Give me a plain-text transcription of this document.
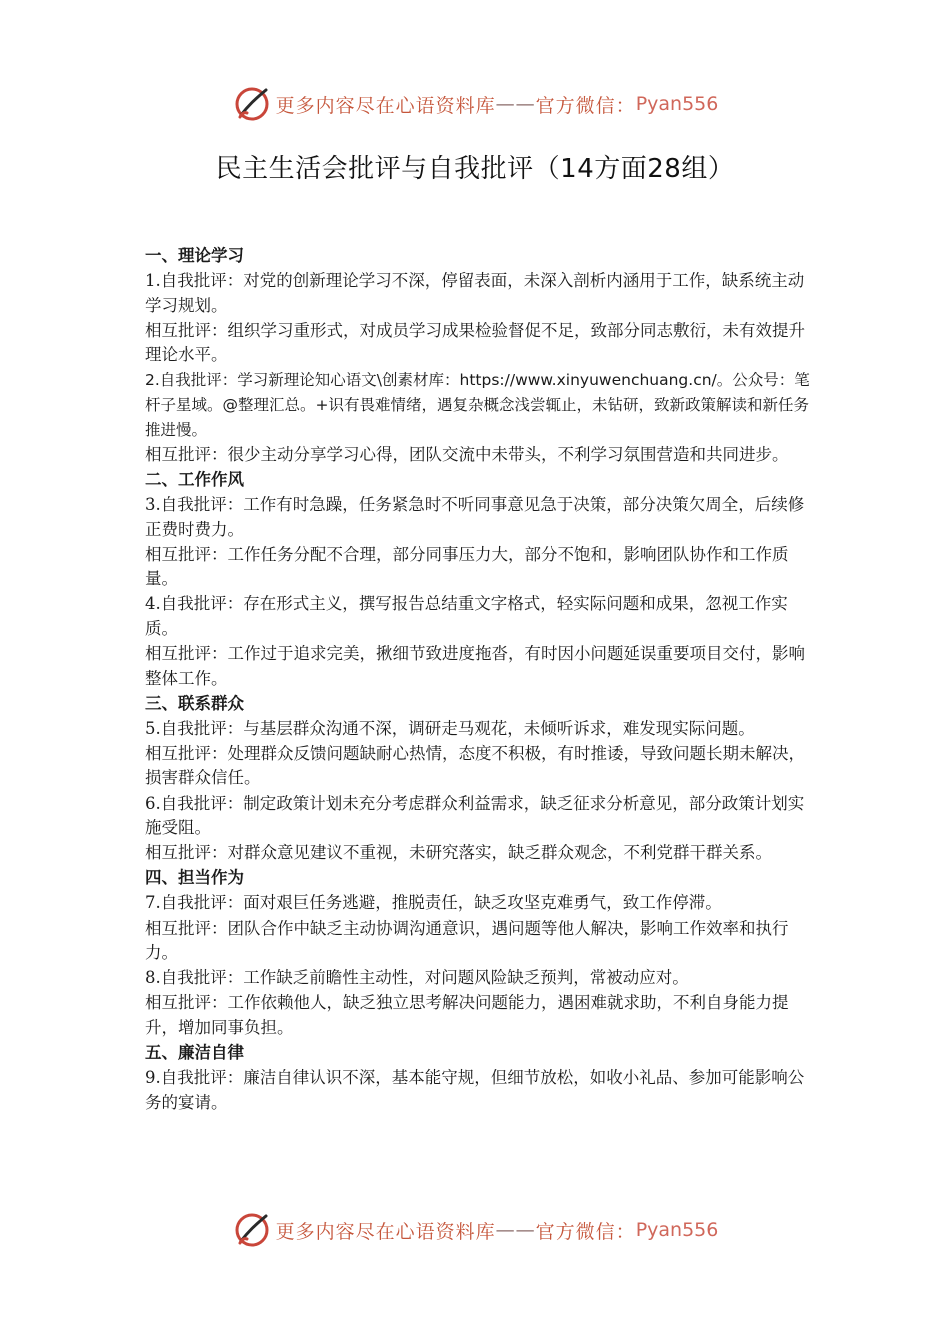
更多内容尽在心语资料库 —— 官方微信： Pyan556
民主生活会批评与自我批评（14方面28组）

一、理论学习

1.自我批评：对党的创新理论学习不深，停留表面，未深入剖析内涵用于工作，缺系统主动学习规划。

相互批评：组织学习重形式，对成员学习成果检验督促不足，致部分同志敷衍，未有效提升理论水平。

2.自我批评：学习新理论知心语文\创素材库：https://www.xinyuwenchuang.cn/。公众号：笔杆子星域。@整理汇总。+识有畏难情绪，遇复杂概念浅尝辄止，未钻研，致新政策解读和新任务推进慢。

相互批评：很少主动分享学习心得，团队交流中未带头，不利学习氛围营造和共同进步。

二、工作作风

3.自我批评：工作有时急躁，任务紧急时不听同事意见急于决策，部分决策欠周全，后续修正费时费力。

相互批评：工作任务分配不合理，部分同事压力大，部分不饱和，影响团队协作和工作质量。

4.自我批评：存在形式主义，撰写报告总结重文字格式，轻实际问题和成果，忽视工作实质。

相互批评：工作过于追求完美，揪细节致进度拖沓，有时因小问题延误重要项目交付，影响整体工作。

三、联系群众

5.自我批评：与基层群众沟通不深，调研走马观花，未倾听诉求，难发现实际问题。

相互批评：处理群众反馈问题缺耐心热情，态度不积极，有时推诿，导致问题长期未解决，损害群众信任。

6.自我批评：制定政策计划未充分考虑群众利益需求，缺乏征求分析意见，部分政策计划实施受阻。

相互批评：对群众意见建议不重视，未研究落实，缺乏群众观念，不利党群干群关系。

四、担当作为

7.自我批评：面对艰巨任务逃避，推脱责任，缺乏攻坚克难勇气，致工作停滞。

相互批评：团队合作中缺乏主动协调沟通意识，遇问题等他人解决，影响工作效率和执行力。

8.自我批评：工作缺乏前瞻性主动性，对问题风险缺乏预判，常被动应对。

相互批评：工作依赖他人，缺乏独立思考解决问题能力，遇困难就求助，不利自身能力提升，增加同事负担。

五、廉洁自律

9.自我批评：廉洁自律认识不深，基本能守规，但细节放松，如收小礼品、参加可能影响公务的宴请。

更多内容尽在心语资料库 —— 官方微信： Pyan556
